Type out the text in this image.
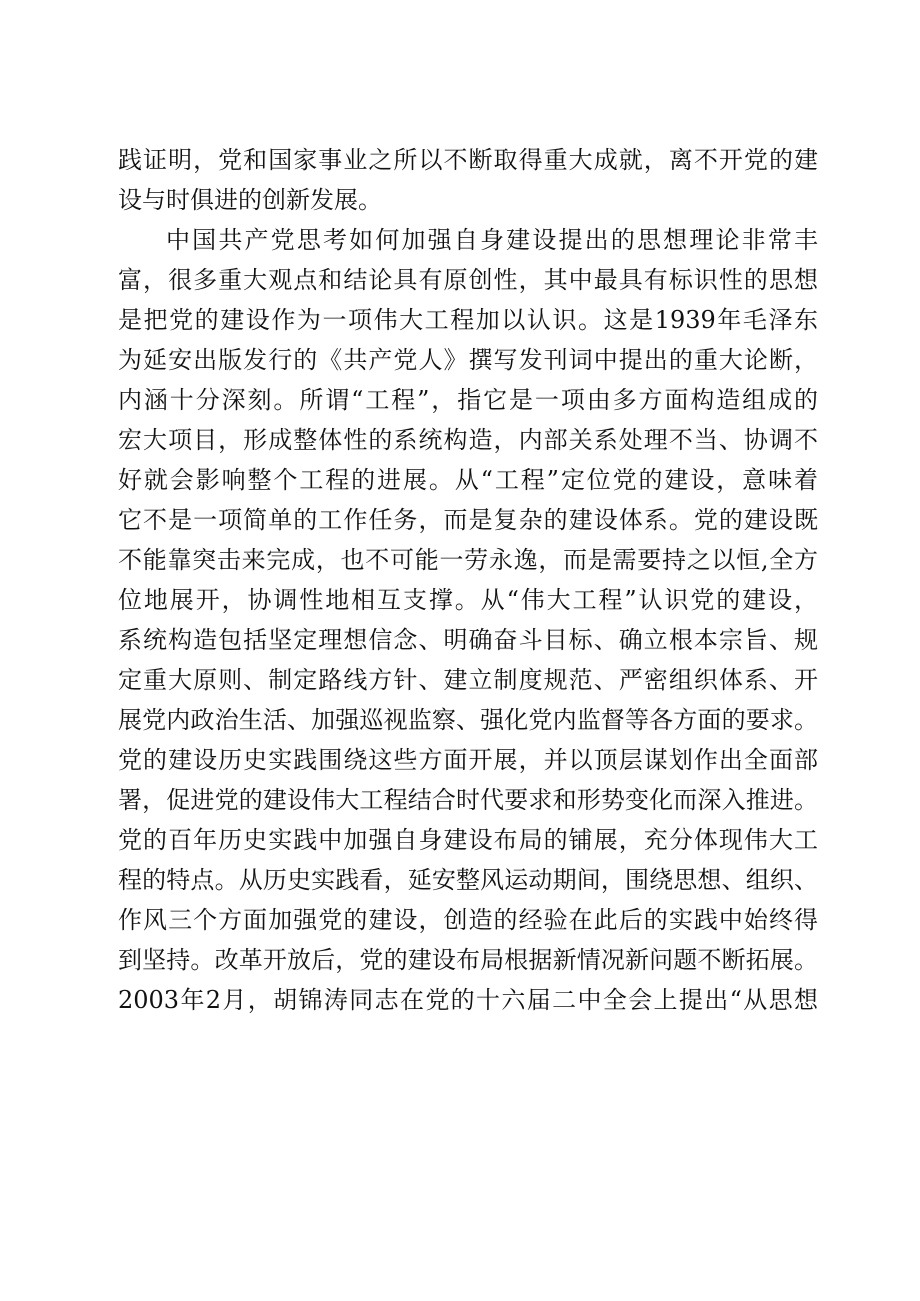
践证明，党和国家事业之所以不断取得重大成就，离不开党的建
设与时俱进的创新发展。
中国共产党思考如何加强自身建设提出的思想理论非常丰
富，很多重大观点和结论具有原创性，其中最具有标识性的思想
是把党的建设作为一项伟大工程加以认识。这是1939年毛泽东
为延安出版发行的《共产党人》撰写发刊词中提出的重大论断，
内涵十分深刻。所谓“工程”，指它是一项由多方面构造组成的
宏大项目，形成整体性的系统构造，内部关系处理不当、协调不
好就会影响整个工程的进展。从“工程”定位党的建设，意味着
它不是一项简单的工作任务，而是复杂的建设体系。党的建设既
不能靠突击来完成，也不可能一劳永逸，而是需要持之以恒,全方
位地展开，协调性地相互支撑。从“伟大工程”认识党的建设，
系统构造包括坚定理想信念、明确奋斗目标、确立根本宗旨、规
定重大原则、制定路线方针、建立制度规范、严密组织体系、开
展党内政治生活、加强巡视监察、强化党内监督等各方面的要求。
党的建设历史实践围绕这些方面开展，并以顶层谋划作出全面部
署，促进党的建设伟大工程结合时代要求和形势变化而深入推进。
党的百年历史实践中加强自身建设布局的铺展，充分体现伟大工
程的特点。从历史实践看，延安整风运动期间，围绕思想、组织、
作风三个方面加强党的建设，创造的经验在此后的实践中始终得
到坚持。改革开放后，党的建设布局根据新情况新问题不断拓展。
2003年2月，胡锦涛同志在党的十六届二中全会上提出“从思想
